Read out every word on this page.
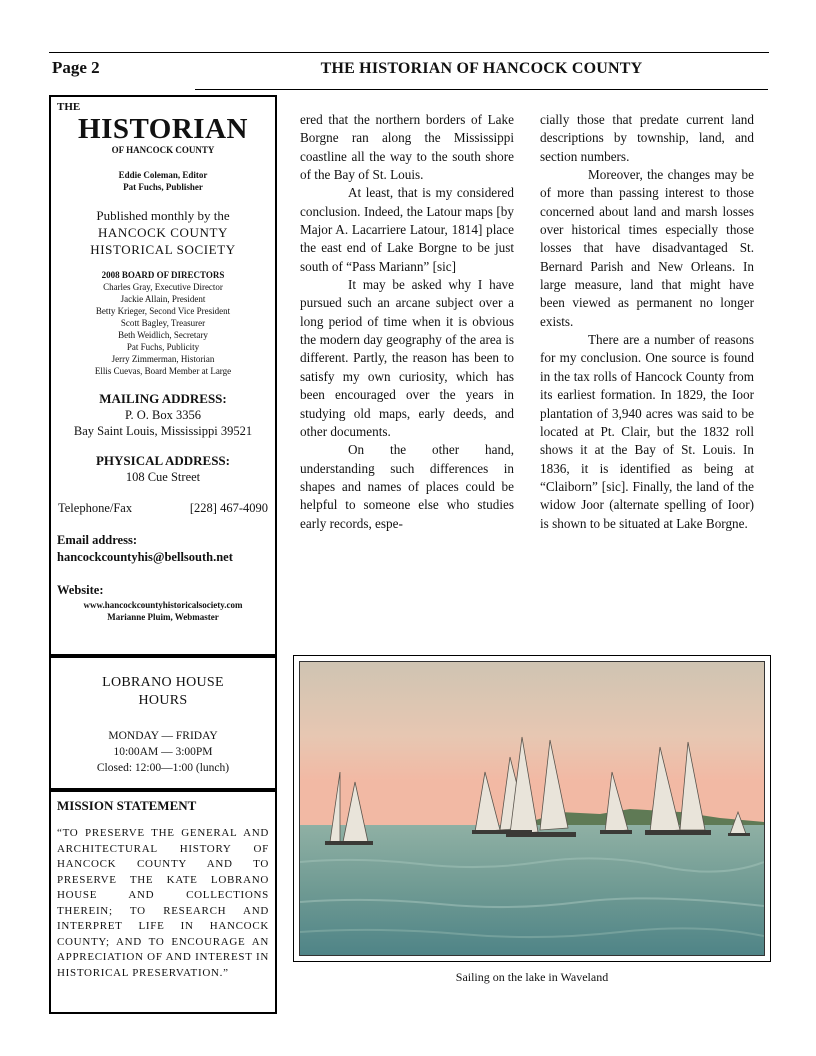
Page 2	THE HISTORIAN OF HANCOCK COUNTY
THE
HISTORIAN
OF HANCOCK COUNTY
Eddie Coleman, Editor
Pat Fuchs, Publisher
Published monthly by the
HANCOCK COUNTY
HISTORICAL SOCIETY
2008 BOARD OF DIRECTORS
Charles Gray, Executive Director
Jackie Allain, President
Betty Krieger, Second Vice President
Scott Bagley, Treasurer
Beth Weidlich, Secretary
Pat Fuchs, Publicity
Jerry Zimmerman, Historian
Ellis Cuevas, Board Member at Large
MAILING ADDRESS:
P. O. Box 3356
Bay Saint Louis, Mississippi 39521
PHYSICAL ADDRESS:
108 Cue Street
Telephone/Fax	[228] 467-4090
Email address:
hancockcountyhis@bellsouth.net
Website:
www.hancockcountyhistoricalsociety.com
Marianne Pluim, Webmaster
LOBRANO HOUSE
HOURS
MONDAY — FRIDAY
10:00AM — 3:00PM
Closed: 12:00—1:00 (lunch)
MISSION STATEMENT
“TO PRESERVE THE GENERAL AND ARCHITECTURAL HISTORY OF HANCOCK COUNTY AND TO PRESERVE THE KATE LOBRANO HOUSE AND COLLECTIONS THEREIN; TO RESEARCH AND INTERPRET LIFE IN HANCOCK COUNTY; AND TO ENCOURAGE AN APPRECIATION OF AND INTEREST IN HISTORICAL PRESERVATION.”

ered that the northern borders of Lake Borgne ran along the Mississippi coastline all the way to the south shore of the Bay of St. Louis.

At least, that is my considered conclusion. Indeed, the Latour maps [by Major A. Lacarriere Latour, 1814] place the east end of Lake Borgne to be just south of “Pass Mariann” [sic]

It may be asked why I have pursued such an arcane subject over a long period of time when it is obvious the modern day geography of the area is different. Partly, the reason has been to satisfy my own curiosity, which has been encouraged over the years in studying old maps, early deeds, and other documents.

On the other hand, understanding such differences in shapes and names of places could be helpful to someone else who studies early records, espe-

cially those that predate current land descriptions by township, land, and section numbers.

Moreover, the changes may be of more than passing interest to those concerned about land and marsh losses over historical times especially those losses that have disadvantaged St. Bernard Parish and New Orleans. In large measure, land that might have been viewed as permanent no longer exists.

There are a number of reasons for my conclusion. One source is found in the tax rolls of Hancock County from its earliest formation. In 1829, the Ioor plantation of 3,940 acres was said to be located at Pt. Clair, but the 1832 roll shows it at the Bay of St. Louis. In 1836, it is identified as being at “Claiborn” [sic]. Finally, the land of the widow Joor (alternate spelling of Ioor) is shown to be situated at Lake Borgne.

Sailing on the lake in Waveland
